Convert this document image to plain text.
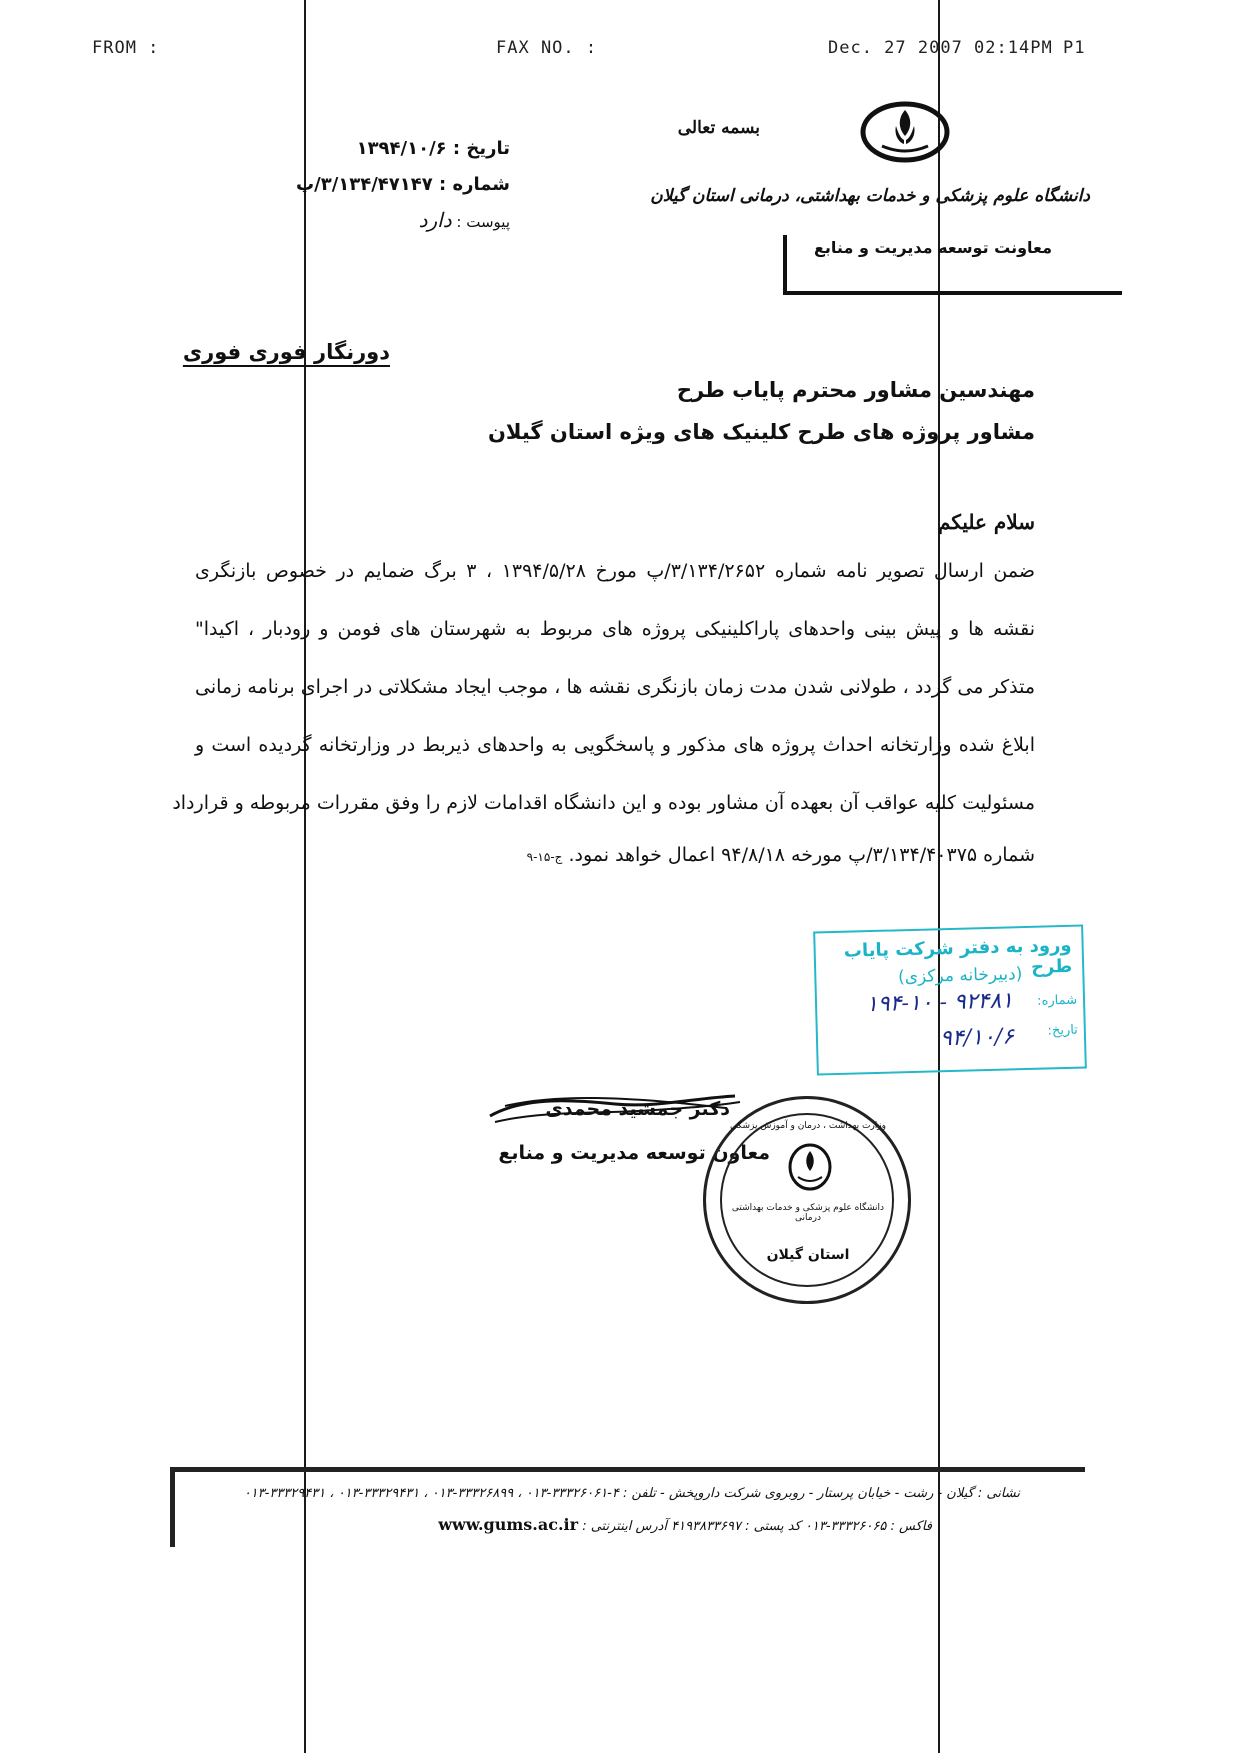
FROM :	FAX NO. :	Dec. 27 2007 02:14PM P1
بسمه تعالی
دانشگاه علوم پزشکی و خدمات بهداشتی، درمانی استان گیلان
معاونت توسعه مدیریت و منابع
تاریخ : ۱۳۹۴/۱۰/۶
شماره : ۳/۱۳۴/۴۷۱۴۷/پ
پیوست : دارد
دورنگار فوری فوری
مهندسین مشاور محترم پایاب طرح
مشاور پروژه های طرح کلینیک های ویژه استان گیلان
سلام علیکم
ضمن ارسال تصویر نامه شماره ۳/۱۳۴/۲۶۵۲/پ مورخ ۱۳۹۴/۵/۲۸ ، ۳ برگ ضمایم در خصوص بازنگری
نقشه ها و پیش بینی واحدهای پاراکلینیکی پروژه های مربوط به شهرستان های فومن و رودبار ، اکیدا"
متذکر می گردد ، طولانی شدن مدت زمان بازنگری نقشه ها ، موجب ایجاد مشکلاتی در اجرای برنامه زمانی
ابلاغ شده وزارتخانه احداث پروژه های مذکور و پاسخگویی به واحدهای ذیربط در وزارتخانه گردیده است و
مسئولیت کلیه عواقب آن بعهده آن مشاور بوده و این دانشگاه اقدامات لازم را وفق مقررات مربوطه و قرارداد
شماره ۳/۱۳۴/۴۰۳۷۵/پ مورخه ۹۴/۸/۱۸ اعمال خواهد نمود. ج-۱۵-۹
ورود به دفتر شرکت پایاب طرح
(دبیرخانه مرکزی)
شماره:
۹۲۴۸۱ - ۱۹۴-۱۰
تاریخ:
۹۴/۱۰/۶
دکتر جمشید محمدی
معاون توسعه مدیریت و منابع
وزارت بهداشت ، درمان و آموزش پزشکی
دانشگاه علوم پزشکی و خدمات بهداشتی درمانی
استان گیلان
نشانی : گیلان - رشت - خیابان پرستار - روبروی شرکت داروپخش - تلفن : ۴-۳۳۳۲۶۰۶۱-۰۱۳ ، ۳۳۳۲۶۸۹۹-۰۱۳ ، ۳۳۳۲۹۴۳۱-۰۱۳ ، ۳۳۳۲۹۴۳۱-۰۱۳
فاکس : ۳۳۳۲۶۰۶۵-۰۱۳ کد پستی : ۴۱۹۳۸۳۳۶۹۷ آدرس اینترنتی : www.gums.ac.ir
